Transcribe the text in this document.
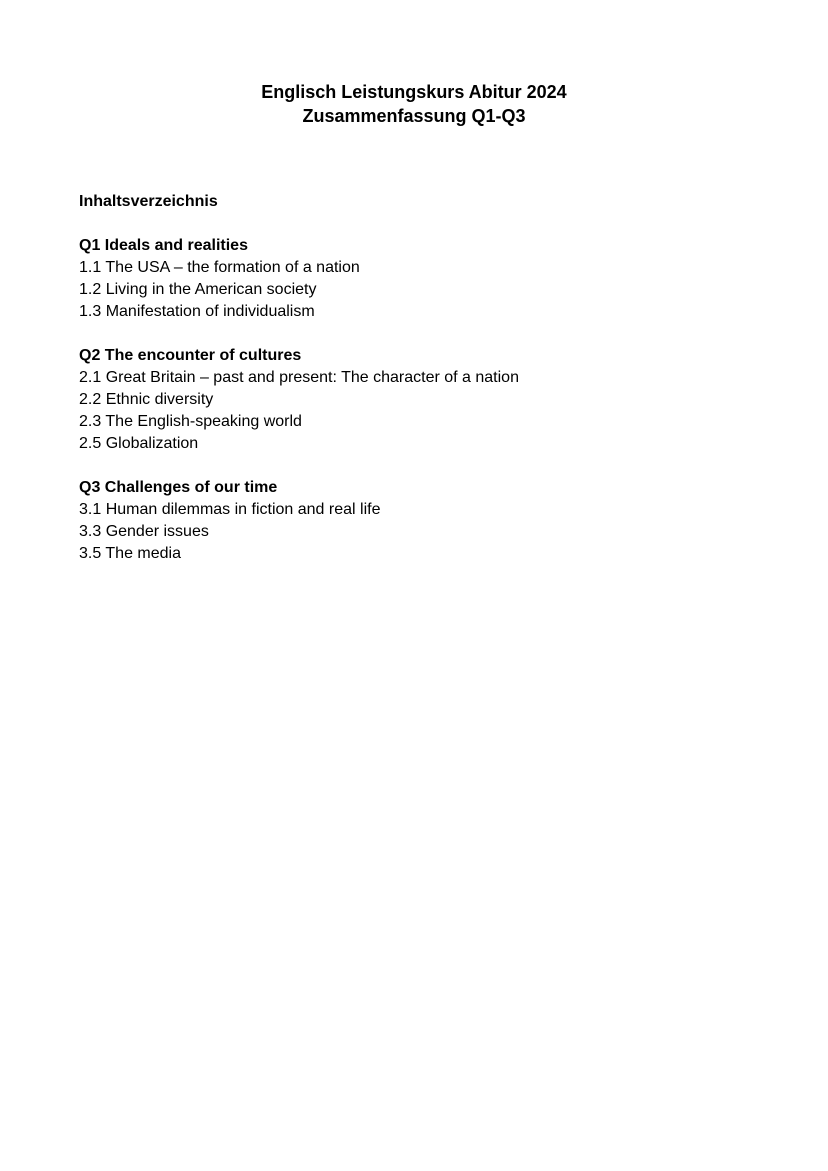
Englisch Leistungskurs Abitur 2024
Zusammenfassung Q1-Q3
Inhaltsverzeichnis
Q1 Ideals and realities
1.1 The USA – the formation of a nation
1.2 Living in the American society
1.3 Manifestation of individualism
Q2 The encounter of cultures
2.1 Great Britain – past and present: The character of a nation
2.2 Ethnic diversity
2.3 The English-speaking world
2.5 Globalization
Q3 Challenges of our time
3.1 Human dilemmas in fiction and real life
3.3 Gender issues
3.5 The media
